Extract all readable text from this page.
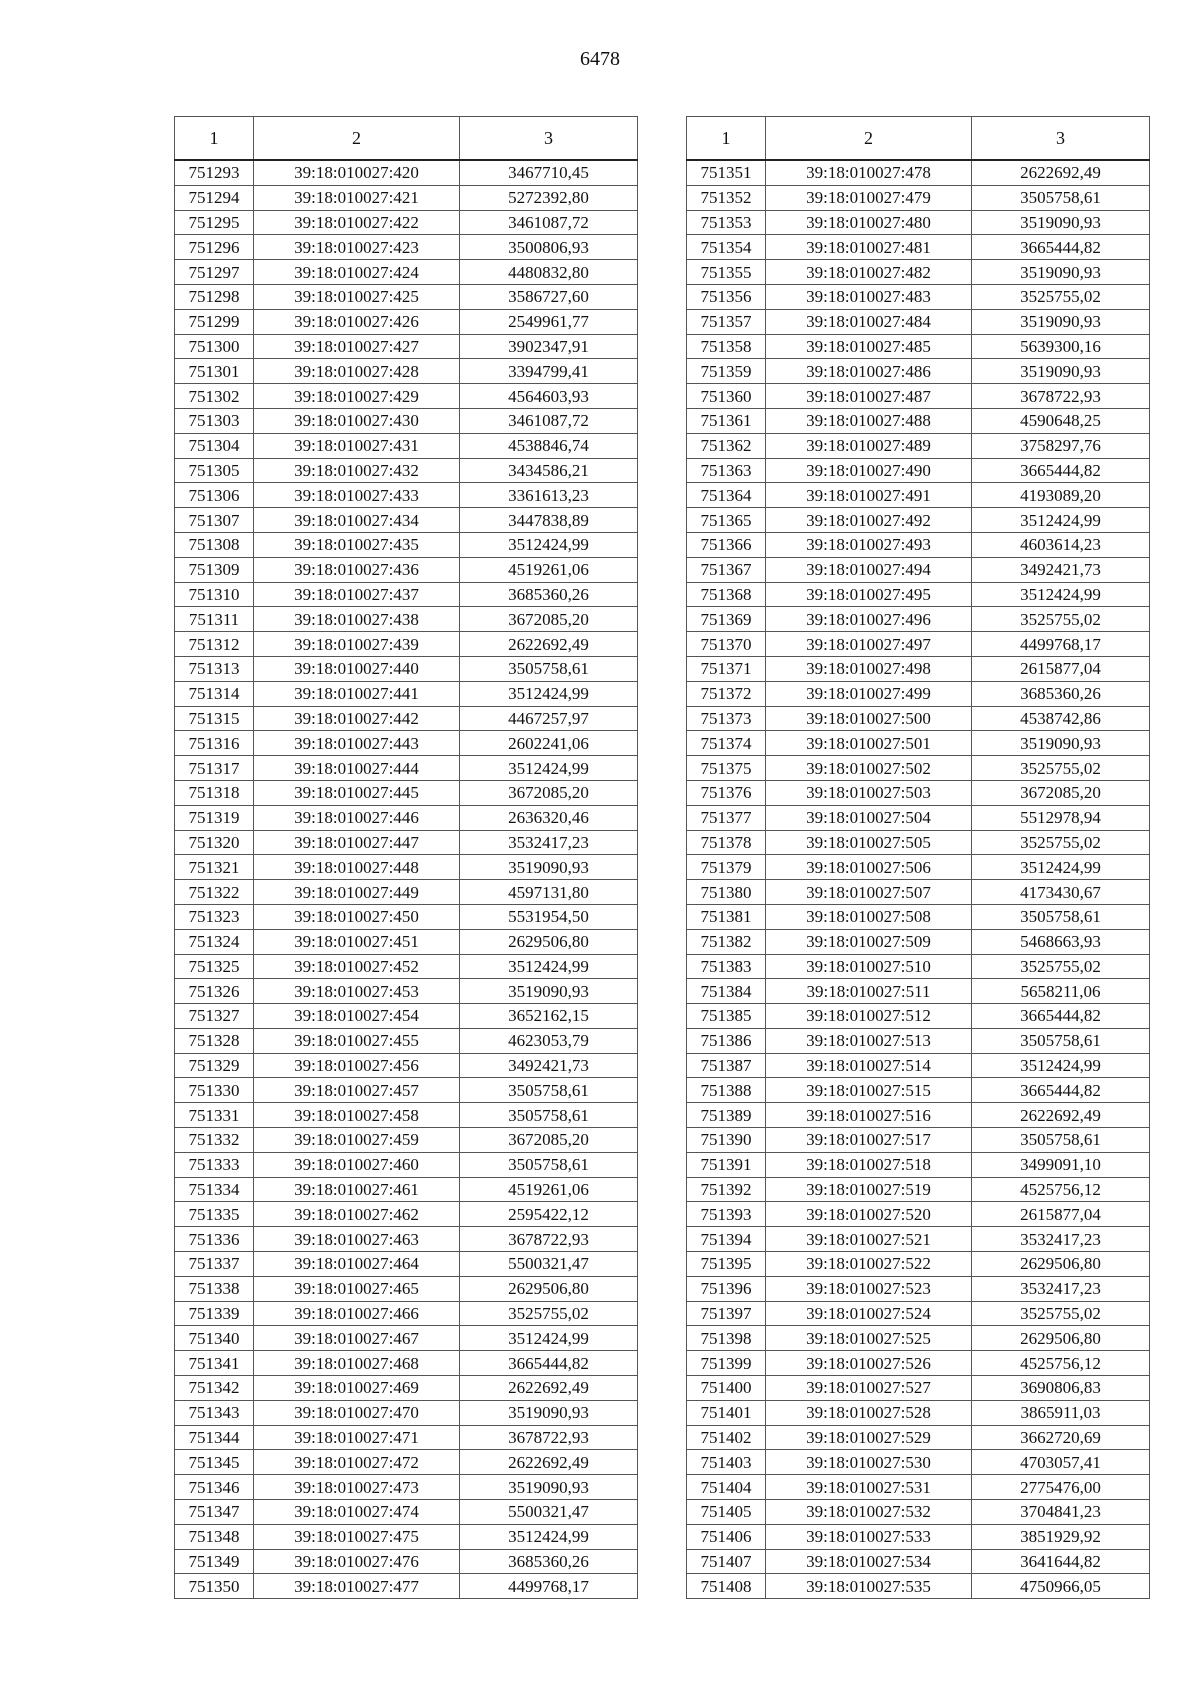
6478
1	2	3
751293	39:18:010027:420	3467710,45
751294	39:18:010027:421	5272392,80
751295	39:18:010027:422	3461087,72
751296	39:18:010027:423	3500806,93
751297	39:18:010027:424	4480832,80
751298	39:18:010027:425	3586727,60
751299	39:18:010027:426	2549961,77
751300	39:18:010027:427	3902347,91
751301	39:18:010027:428	3394799,41
751302	39:18:010027:429	4564603,93
751303	39:18:010027:430	3461087,72
751304	39:18:010027:431	4538846,74
751305	39:18:010027:432	3434586,21
751306	39:18:010027:433	3361613,23
751307	39:18:010027:434	3447838,89
751308	39:18:010027:435	3512424,99
751309	39:18:010027:436	4519261,06
751310	39:18:010027:437	3685360,26
751311	39:18:010027:438	3672085,20
751312	39:18:010027:439	2622692,49
751313	39:18:010027:440	3505758,61
751314	39:18:010027:441	3512424,99
751315	39:18:010027:442	4467257,97
751316	39:18:010027:443	2602241,06
751317	39:18:010027:444	3512424,99
751318	39:18:010027:445	3672085,20
751319	39:18:010027:446	2636320,46
751320	39:18:010027:447	3532417,23
751321	39:18:010027:448	3519090,93
751322	39:18:010027:449	4597131,80
751323	39:18:010027:450	5531954,50
751324	39:18:010027:451	2629506,80
751325	39:18:010027:452	3512424,99
751326	39:18:010027:453	3519090,93
751327	39:18:010027:454	3652162,15
751328	39:18:010027:455	4623053,79
751329	39:18:010027:456	3492421,73
751330	39:18:010027:457	3505758,61
751331	39:18:010027:458	3505758,61
751332	39:18:010027:459	3672085,20
751333	39:18:010027:460	3505758,61
751334	39:18:010027:461	4519261,06
751335	39:18:010027:462	2595422,12
751336	39:18:010027:463	3678722,93
751337	39:18:010027:464	5500321,47
751338	39:18:010027:465	2629506,80
751339	39:18:010027:466	3525755,02
751340	39:18:010027:467	3512424,99
751341	39:18:010027:468	3665444,82
751342	39:18:010027:469	2622692,49
751343	39:18:010027:470	3519090,93
751344	39:18:010027:471	3678722,93
751345	39:18:010027:472	2622692,49
751346	39:18:010027:473	3519090,93
751347	39:18:010027:474	5500321,47
751348	39:18:010027:475	3512424,99
751349	39:18:010027:476	3685360,26
751350	39:18:010027:477	4499768,17
1	2	3
751351	39:18:010027:478	2622692,49
751352	39:18:010027:479	3505758,61
751353	39:18:010027:480	3519090,93
751354	39:18:010027:481	3665444,82
751355	39:18:010027:482	3519090,93
751356	39:18:010027:483	3525755,02
751357	39:18:010027:484	3519090,93
751358	39:18:010027:485	5639300,16
751359	39:18:010027:486	3519090,93
751360	39:18:010027:487	3678722,93
751361	39:18:010027:488	4590648,25
751362	39:18:010027:489	3758297,76
751363	39:18:010027:490	3665444,82
751364	39:18:010027:491	4193089,20
751365	39:18:010027:492	3512424,99
751366	39:18:010027:493	4603614,23
751367	39:18:010027:494	3492421,73
751368	39:18:010027:495	3512424,99
751369	39:18:010027:496	3525755,02
751370	39:18:010027:497	4499768,17
751371	39:18:010027:498	2615877,04
751372	39:18:010027:499	3685360,26
751373	39:18:010027:500	4538742,86
751374	39:18:010027:501	3519090,93
751375	39:18:010027:502	3525755,02
751376	39:18:010027:503	3672085,20
751377	39:18:010027:504	5512978,94
751378	39:18:010027:505	3525755,02
751379	39:18:010027:506	3512424,99
751380	39:18:010027:507	4173430,67
751381	39:18:010027:508	3505758,61
751382	39:18:010027:509	5468663,93
751383	39:18:010027:510	3525755,02
751384	39:18:010027:511	5658211,06
751385	39:18:010027:512	3665444,82
751386	39:18:010027:513	3505758,61
751387	39:18:010027:514	3512424,99
751388	39:18:010027:515	3665444,82
751389	39:18:010027:516	2622692,49
751390	39:18:010027:517	3505758,61
751391	39:18:010027:518	3499091,10
751392	39:18:010027:519	4525756,12
751393	39:18:010027:520	2615877,04
751394	39:18:010027:521	3532417,23
751395	39:18:010027:522	2629506,80
751396	39:18:010027:523	3532417,23
751397	39:18:010027:524	3525755,02
751398	39:18:010027:525	2629506,80
751399	39:18:010027:526	4525756,12
751400	39:18:010027:527	3690806,83
751401	39:18:010027:528	3865911,03
751402	39:18:010027:529	3662720,69
751403	39:18:010027:530	4703057,41
751404	39:18:010027:531	2775476,00
751405	39:18:010027:532	3704841,23
751406	39:18:010027:533	3851929,92
751407	39:18:010027:534	3641644,82
751408	39:18:010027:535	4750966,05
